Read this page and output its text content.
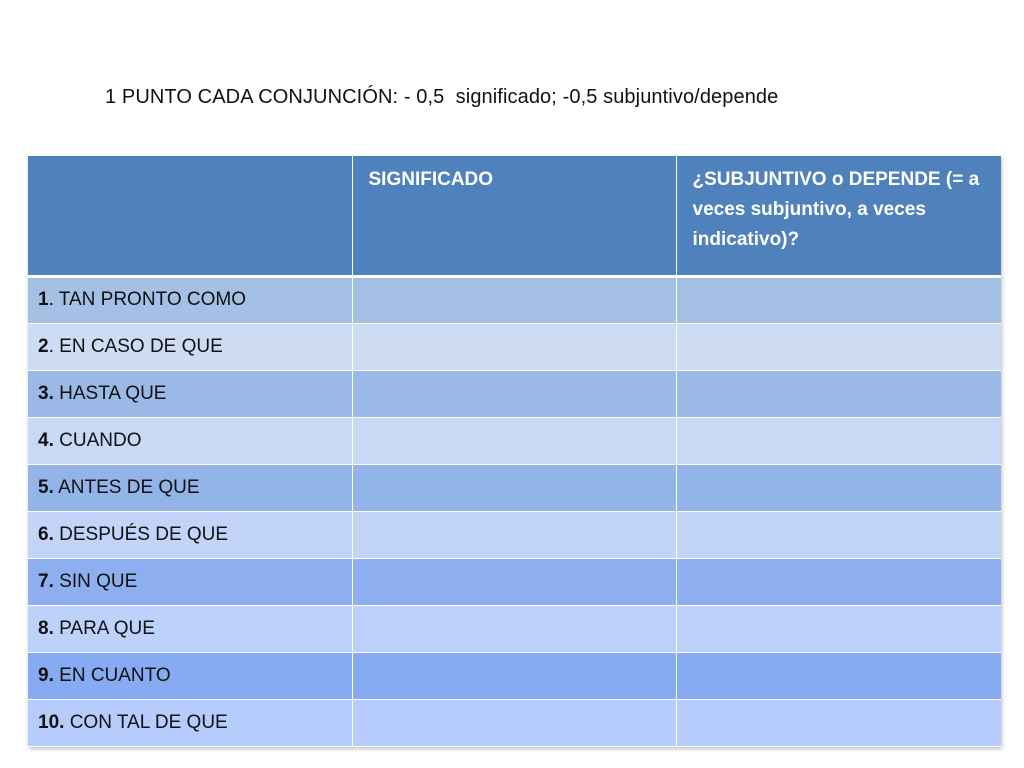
1 PUNTO CADA CONJUNCIÓN: - 0,5  significado; -0,5 subjuntivo/depende
	SIGNIFICADO	¿SUBJUNTIVO o DEPENDE (= a veces subjuntivo, a veces indicativo)?
1. TAN PRONTO COMO		
2. EN CASO DE QUE		
3. HASTA QUE		
4. CUANDO		
5. ANTES DE QUE		
6. DESPUÉS DE QUE		
7. SIN QUE		
8. PARA QUE		
9. EN CUANTO		
10. CON TAL DE QUE		
